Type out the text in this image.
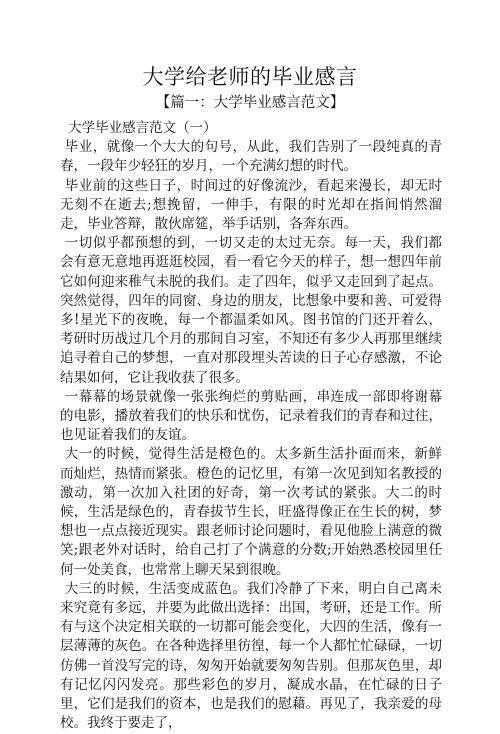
大学给老师的毕业感言
【篇一：大学毕业感言范文】

大学毕业感言范文（一）

毕业，就像一个大大的句号，从此，我们告别了一段纯真的青春，一段年少轻狂的岁月，一个充满幻想的时代。

毕业前的这些日子，时间过的好像流沙，看起来漫长，却无时无刻不在逝去;想挽留，一伸手，有限的时光却在指间悄然溜走，毕业答辩，散伙席筵，举手话别，各奔东西。

一切似乎都预想的到，一切又走的太过无奈。每一天，我们都会有意无意地再逛逛校园，看一看它今天的样子，想一想四年前它如何迎来稚气未脱的我们。走了四年，似乎又走回到了起点。突然觉得，四年的同窗、身边的朋友，比想象中要和善、可爱得多!星光下的夜晚，每一个都温柔如风。图书馆的门还开着么，考研时历战过几个月的那间自习室，不知还有多少人再那里继续追寻着自己的梦想，一直对那段埋头苦读的日子心存感激，不论结果如何，它让我收获了很多。

一幕幕的场景就像一张张绚烂的剪贴画，串连成一部即将谢幕的电影，播放着我们的快乐和忧伤，记录着我们的青春和过往，也见证着我们的友谊。

大一的时候，觉得生活是橙色的。太多新生活扑面而来，新鲜而灿烂，热情而紧张。橙色的记忆里，有第一次见到知名教授的激动，第一次加入社团的好奇，第一次考试的紧张。大二的时候，生活是绿色的，青春拔节生长，旺盛得像正在生长的树，梦想也一点点接近现实。跟老师讨论问题时，看见他脸上满意的微笑;跟老外对话时，给自己打了个满意的分数;开始熟悉校园里任何一处美食，也常常上聊天呆到很晚。

大三的时候，生活变成蓝色。我们冷静了下来，明白自己离未来究竟有多远，并要为此做出选择：出国，考研，还是工作。所有与这个决定相关联的一切都可能会变化，大四的生活，像有一层薄薄的灰色。在各种选择里彷徨，每一个人都忙忙碌碌，一切仿佛一首没写完的诗，匆匆开始就要匆匆告别。但那灰色里，却有记忆闪闪发亮。那些彩色的岁月，凝成水晶，在忙碌的日子里，它们是我们的资本，也是我们的慰藉。再见了，我亲爱的母校。我终于要走了，
